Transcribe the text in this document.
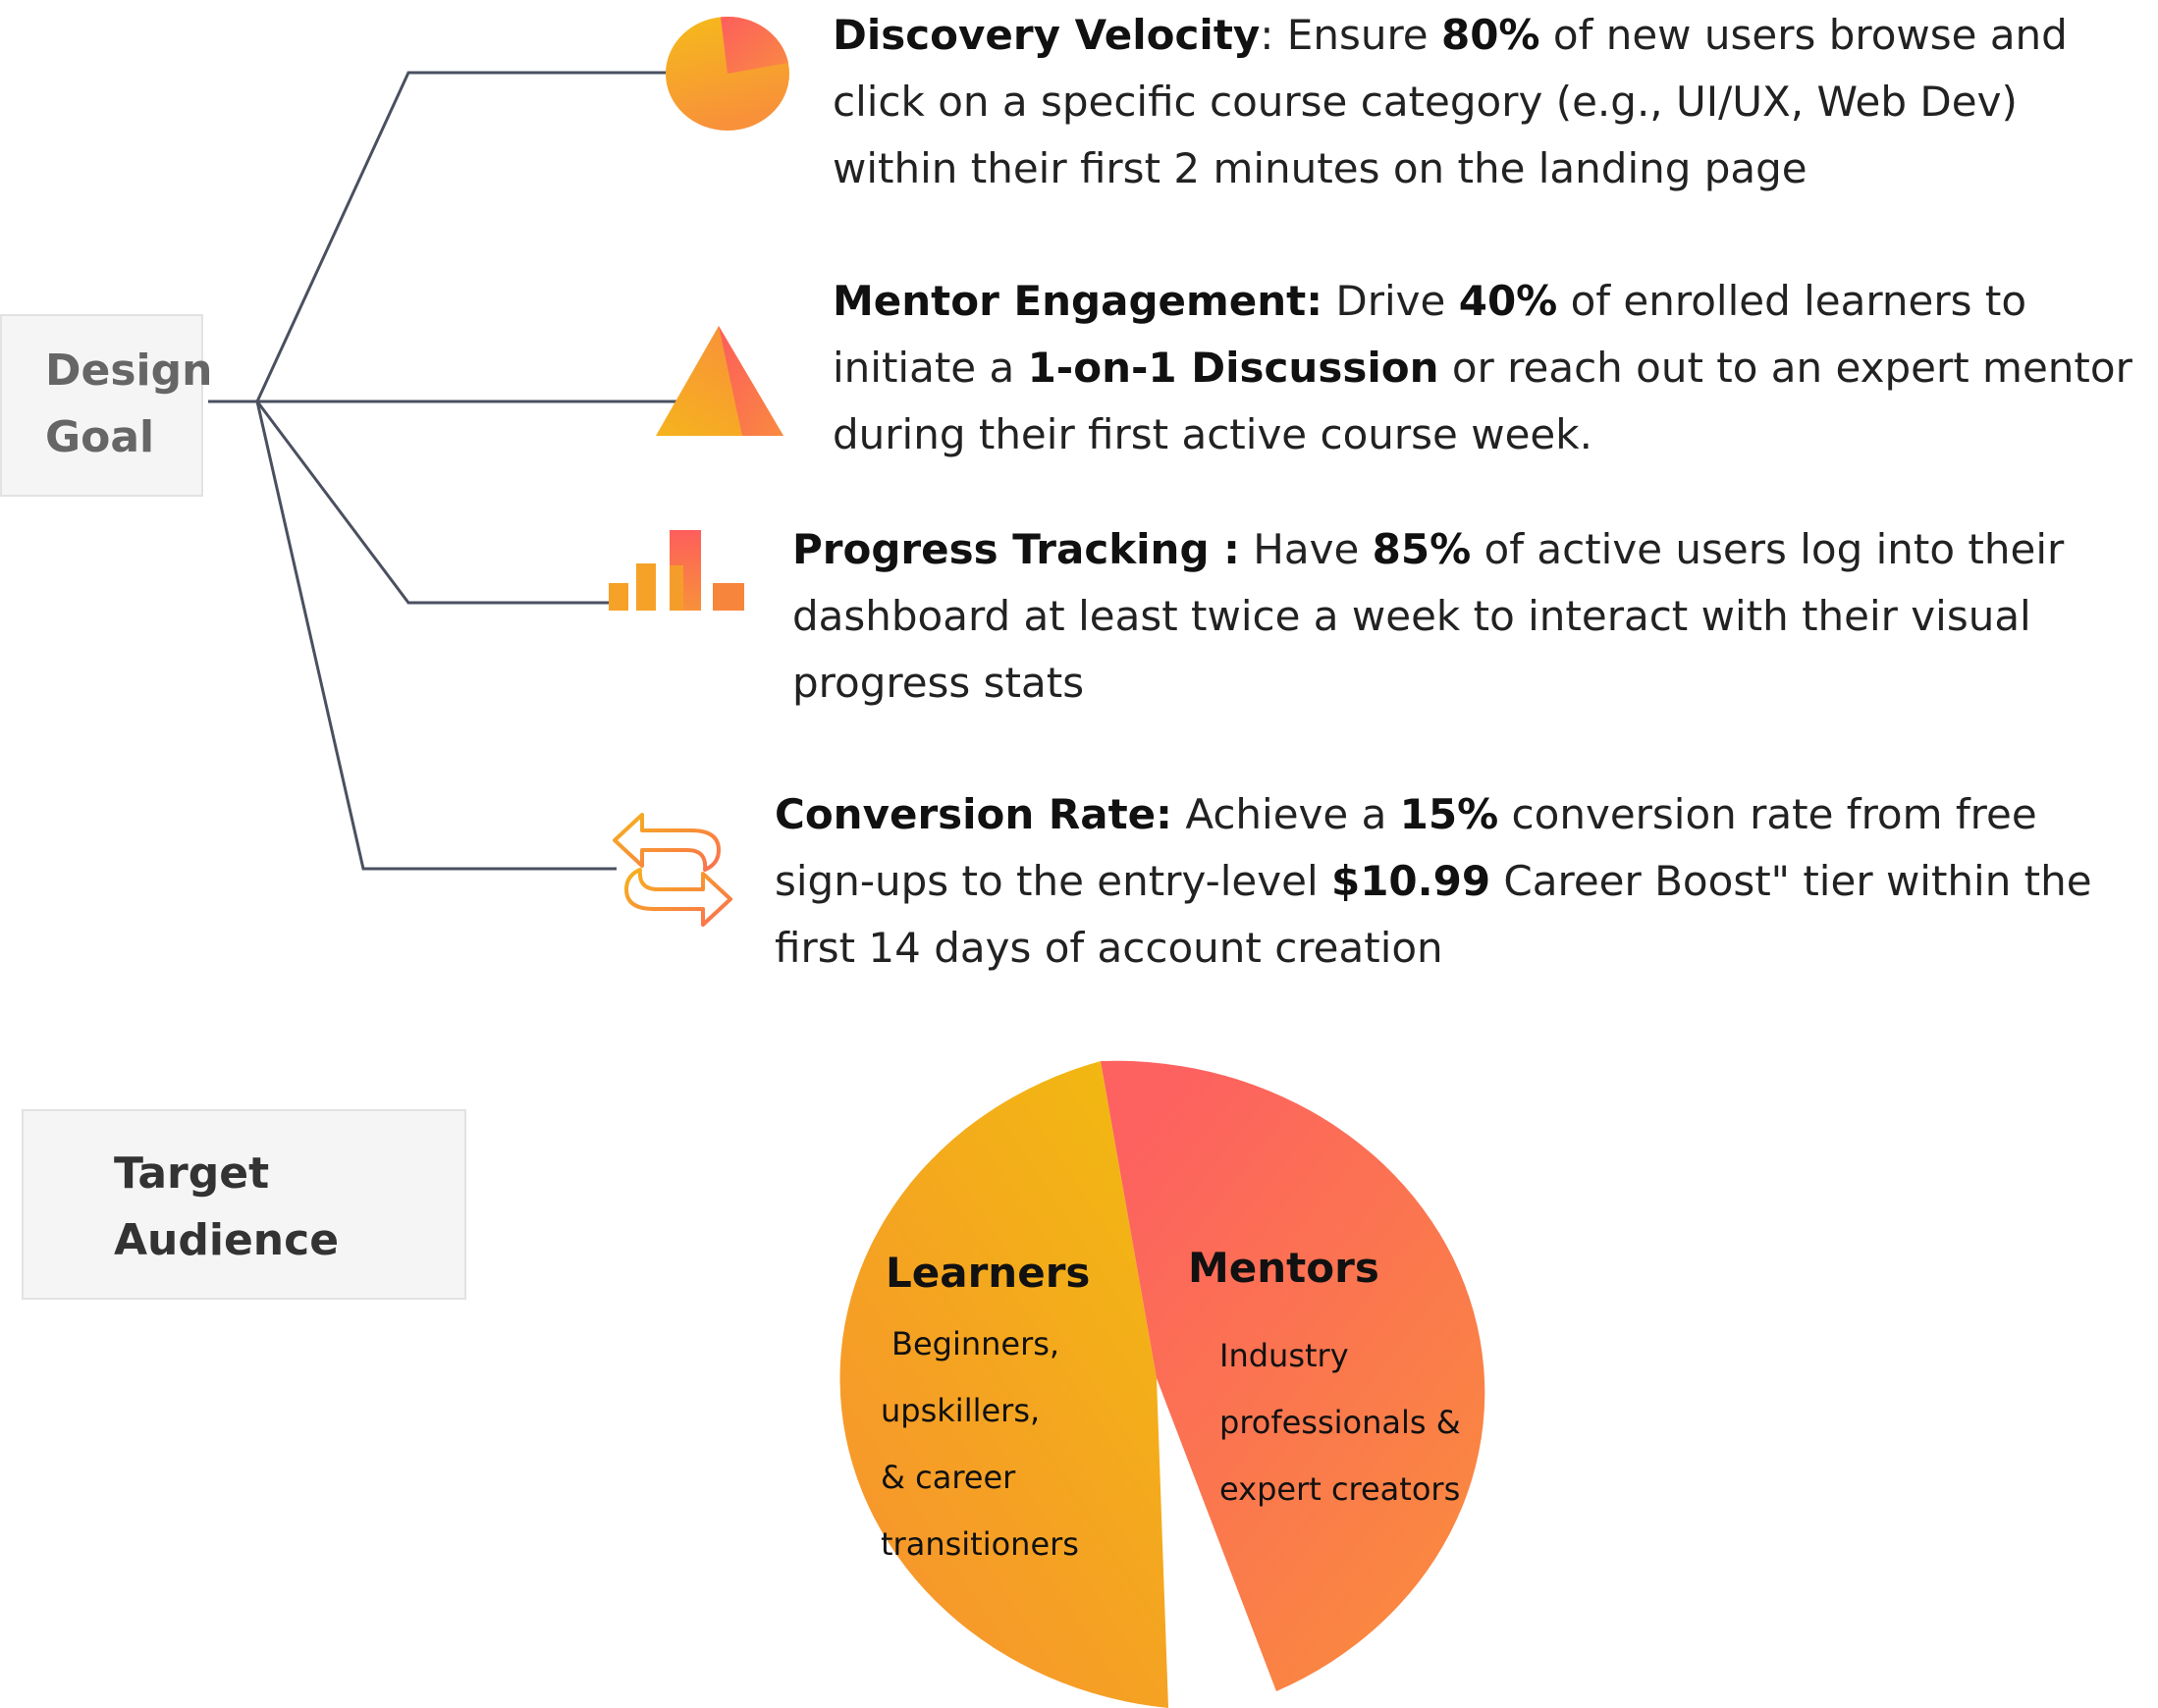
Design
Goal

Discovery Velocity: Ensure 80% of new users browse and
click on a specific course category (e.g., UI/UX, Web Dev)
within their first 2 minutes on the landing page

Mentor Engagement: Drive 40% of enrolled learners to
initiate a 1-on-1 Discussion or reach out to an expert mentor
during their first active course week.

Progress Tracking : Have 85% of active users log into their
dashboard at least twice a week to interact with their visual
progress stats

Conversion Rate: Achieve a 15% conversion rate from free
sign-ups to the entry-level $10.99 Career Boost" tier within the
first 14 days of account creation

Target
Audience
Learners
Beginners,
upskillers,
& career
transitioners
Mentors
Industry
professionals &
expert creators
